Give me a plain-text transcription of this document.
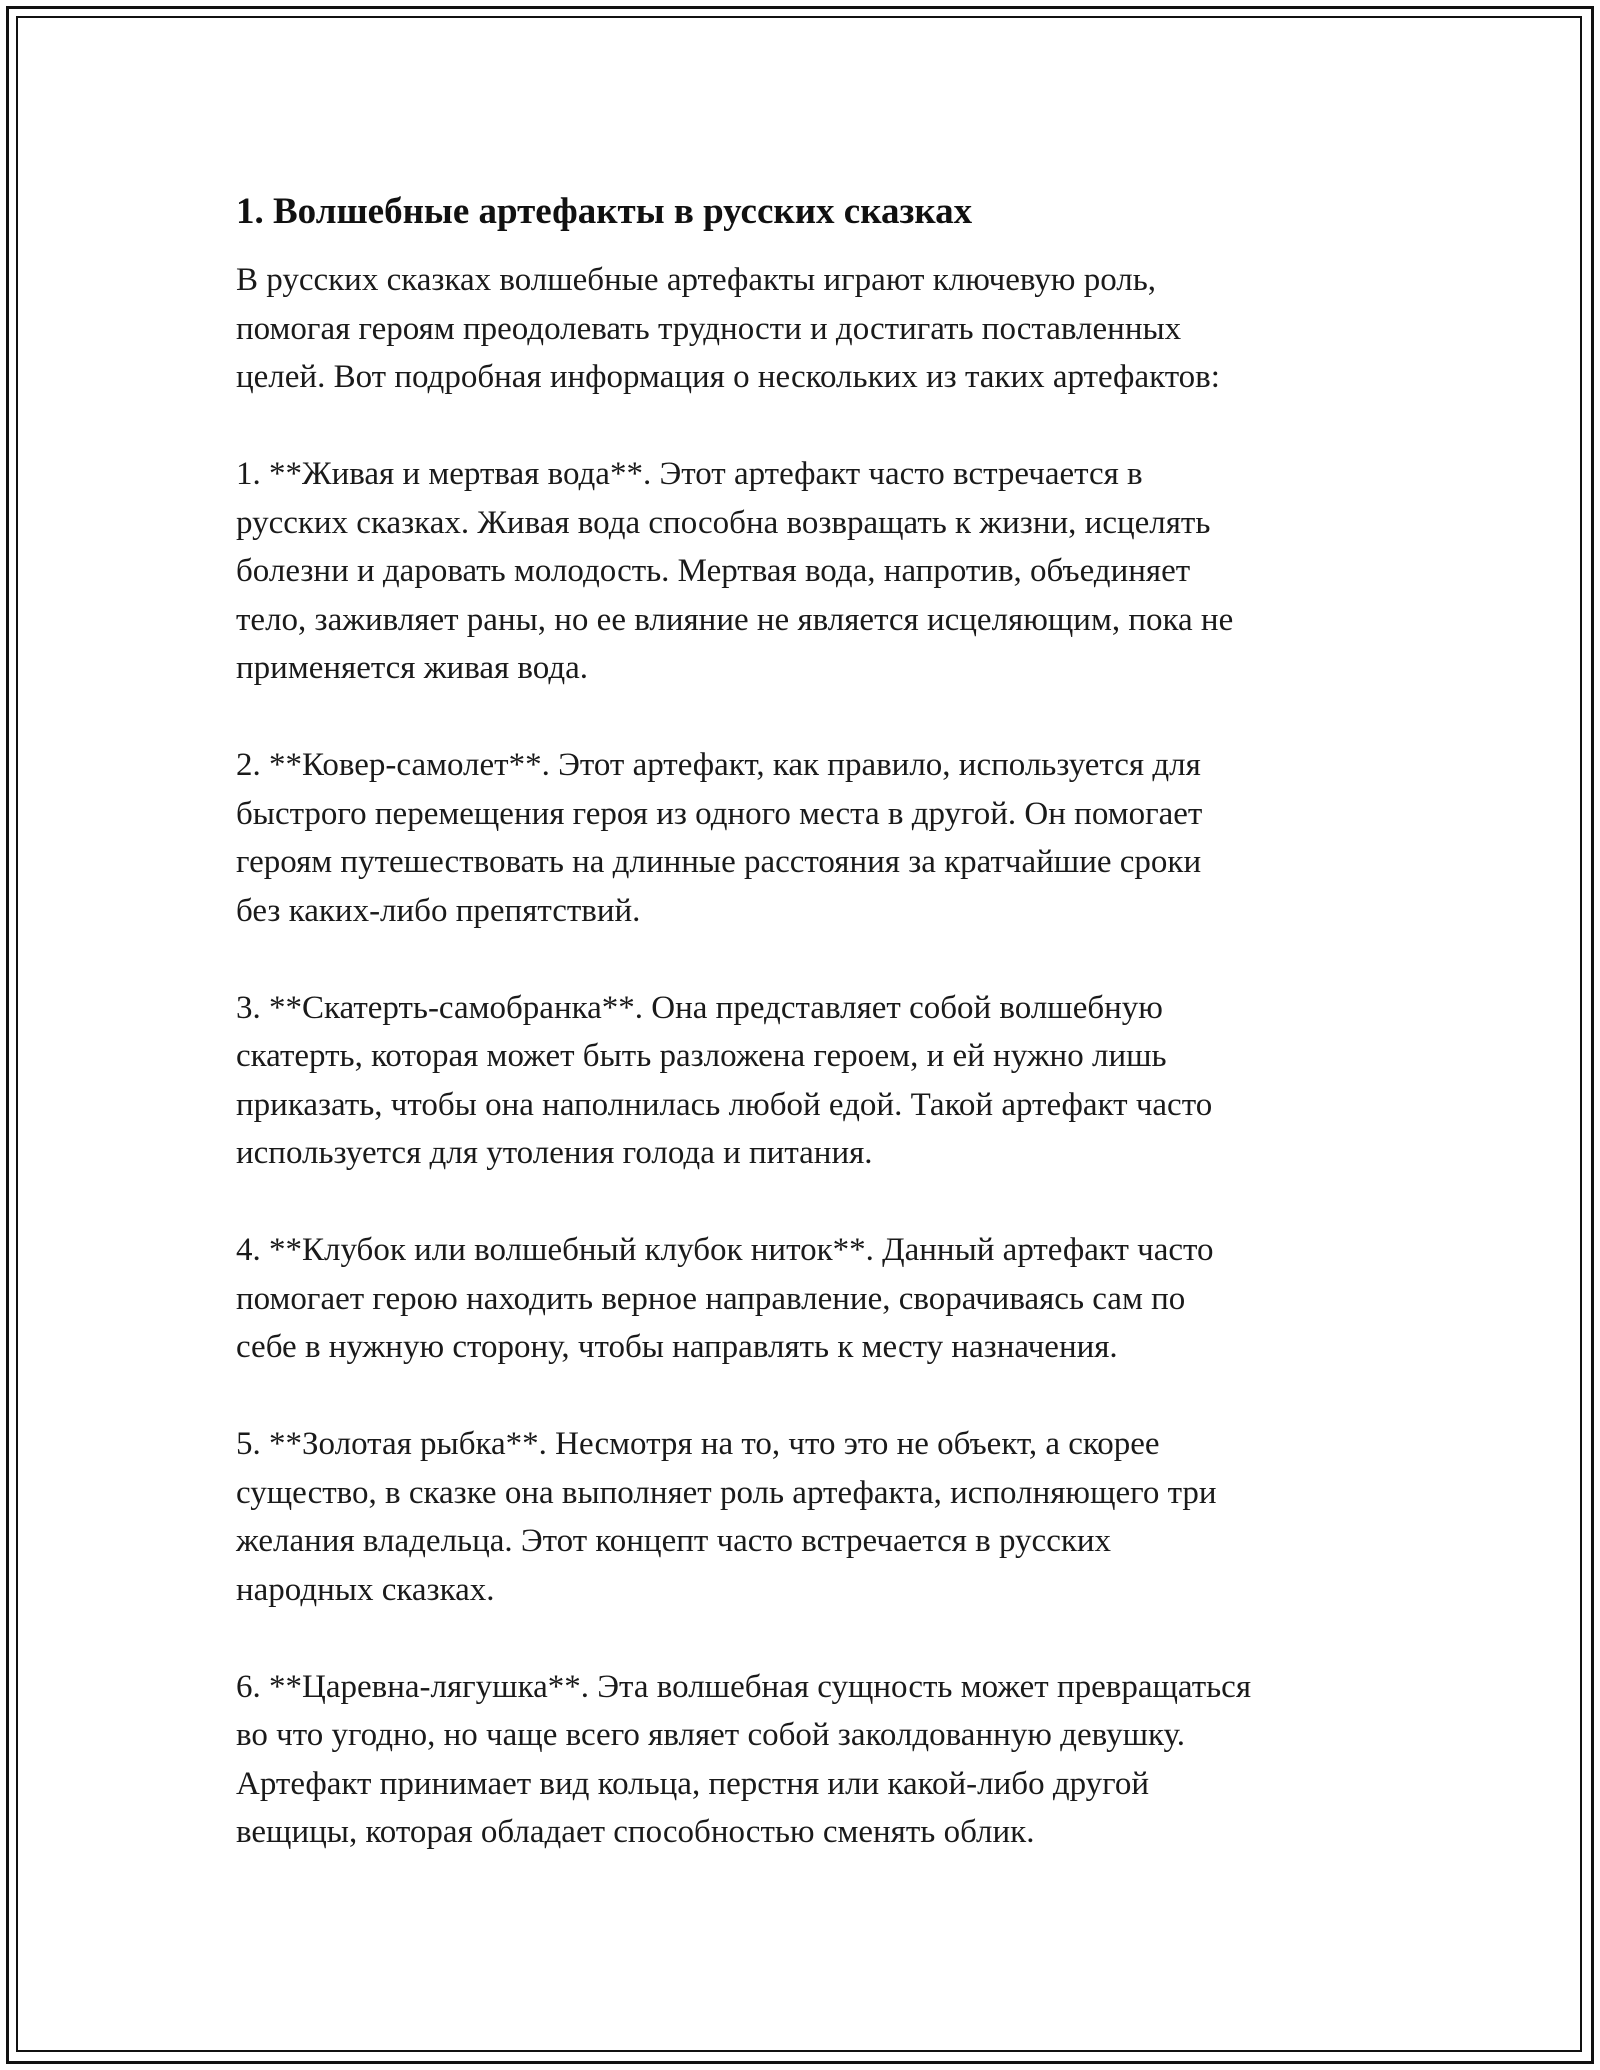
1. Волшебные артефакты в русских сказках

В русских сказках волшебные артефакты играют ключевую роль,
помогая героям преодолевать трудности и достигать поставленных
целей. Вот подробная информация о нескольких из таких артефактов:

1. **Живая и мертвая вода**. Этот артефакт часто встречается в
русских сказках. Живая вода способна возвращать к жизни, исцелять
болезни и даровать молодость. Мертвая вода, напротив, объединяет
тело, заживляет раны, но ее влияние не является исцеляющим, пока не
применяется живая вода.

2. **Ковер-самолет**. Этот артефакт, как правило, используется для
быстрого перемещения героя из одного места в другой. Он помогает
героям путешествовать на длинные расстояния за кратчайшие сроки
без каких-либо препятствий.

3. **Скатерть-самобранка**. Она представляет собой волшебную
скатерть, которая может быть разложена героем, и ей нужно лишь
приказать, чтобы она наполнилась любой едой. Такой артефакт часто
используется для утоления голода и питания.

4. **Клубок или волшебный клубок ниток**. Данный артефакт часто
помогает герою находить верное направление, сворачиваясь сам по
себе в нужную сторону, чтобы направлять к месту назначения.

5. **Золотая рыбка**. Несмотря на то, что это не объект, а скорее
существо, в сказке она выполняет роль артефакта, исполняющего три
желания владельца. Этот концепт часто встречается в русских
народных сказках.

6. **Царевна-лягушка**. Эта волшебная сущность может превращаться
во что угодно, но чаще всего являет собой заколдованную девушку.
Артефакт принимает вид кольца, перстня или какой-либо другой
вещицы, которая обладает способностью сменять облик.
